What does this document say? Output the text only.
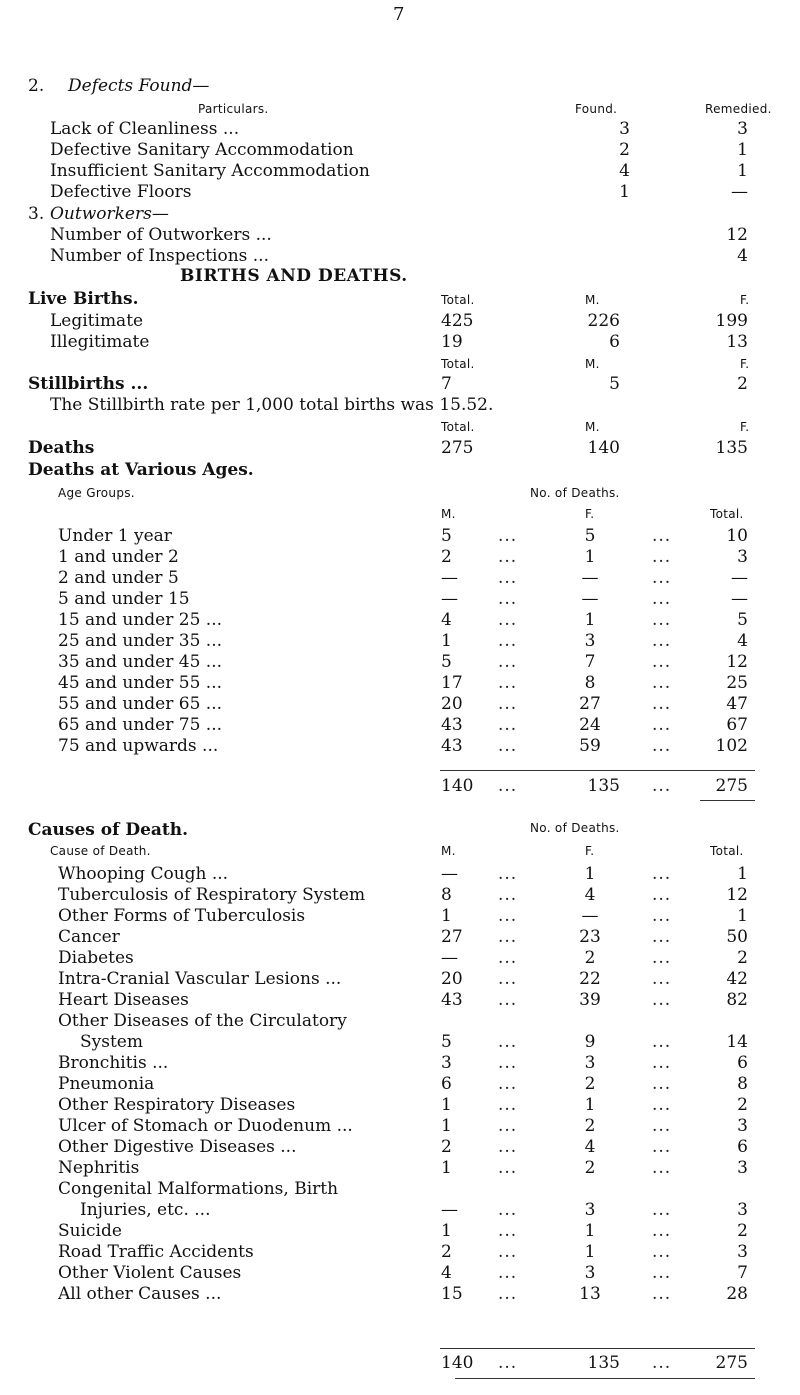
7
2. Defects Found—
Particulars.	Found.	Remedied.
Lack of Cleanliness ...	3	3
Defective Sanitary Accommodation	2	1
Insufficient Sanitary Accommodation	4	1
Defective Floors	1	—
3. Outworkers—
Number of Outworkers ...	12
Number of Inspections ...	4
BIRTHS AND DEATHS.
Live Births.	Total.	M.	F.
Legitimate	425	226	199
Illegitimate	19	6	13
Total.	M.	F.
Stillbirths ...	7	5	2
The Stillbirth rate per 1,000 total births was 15.52.
Total.	M.	F.
Deaths	275	140	135
Deaths at Various Ages.
Age Groups.	No. of Deaths.
M.	F.	Total.
Under 1 year	5	...	5	...	10
1 and under 2	2	...	1	...	3
2 and under 5	— ...	—	...	—
5 and under 15	— ...	—	...	—
15 and under 25 ...	4	...	1	...	5
25 and under 35 ...	1	...	3	...	4
35 and under 45 ...	5	...	7	...	12
45 and under 55 ...	17 ...	8	...	25
55 and under 65 ...	20 ...	27	...	47
65 and under 75 ...	43 ...	24	...	67
75 and upwards ...	43 ...	59	...	102
140 ...	135 ...	275
Causes of Death.	No. of Deaths.
Cause of Death.	M.	F.	Total.
Whooping Cough ...	— ...	1	...	1
Tuberculosis of Respiratory System	8	...	4	...	12
Other Forms of Tuberculosis	1	...	—	...	1
Cancer	27 ...	23	...	50
Diabetes	— ...	2	...	2
Intra-Cranial Vascular Lesions ...	20 ...	22	...	42
Heart Diseases	43 ...	39	...	82
Other Diseases of the Circulatory
System	5	...	9	...	14
Bronchitis ...	3	...	3	...	6
Pneumonia	6	...	2	...	8
Other Respiratory Diseases	1	...	1	...	2
Ulcer of Stomach or Duodenum ...	1	...	2	...	3
Other Digestive Diseases ...	2	...	4	...	6
Nephritis	1	...	2	...	3
Congenital Malformations, Birth
Injuries, etc. ...	— ...	3	...	3
Suicide	1	...	1	...	2
Road Traffic Accidents	2	...	1	...	3
Other Violent Causes	4	...	3	...	7
All other Causes ...	15 ...	13	...	28
140 ...	135 ...	275
